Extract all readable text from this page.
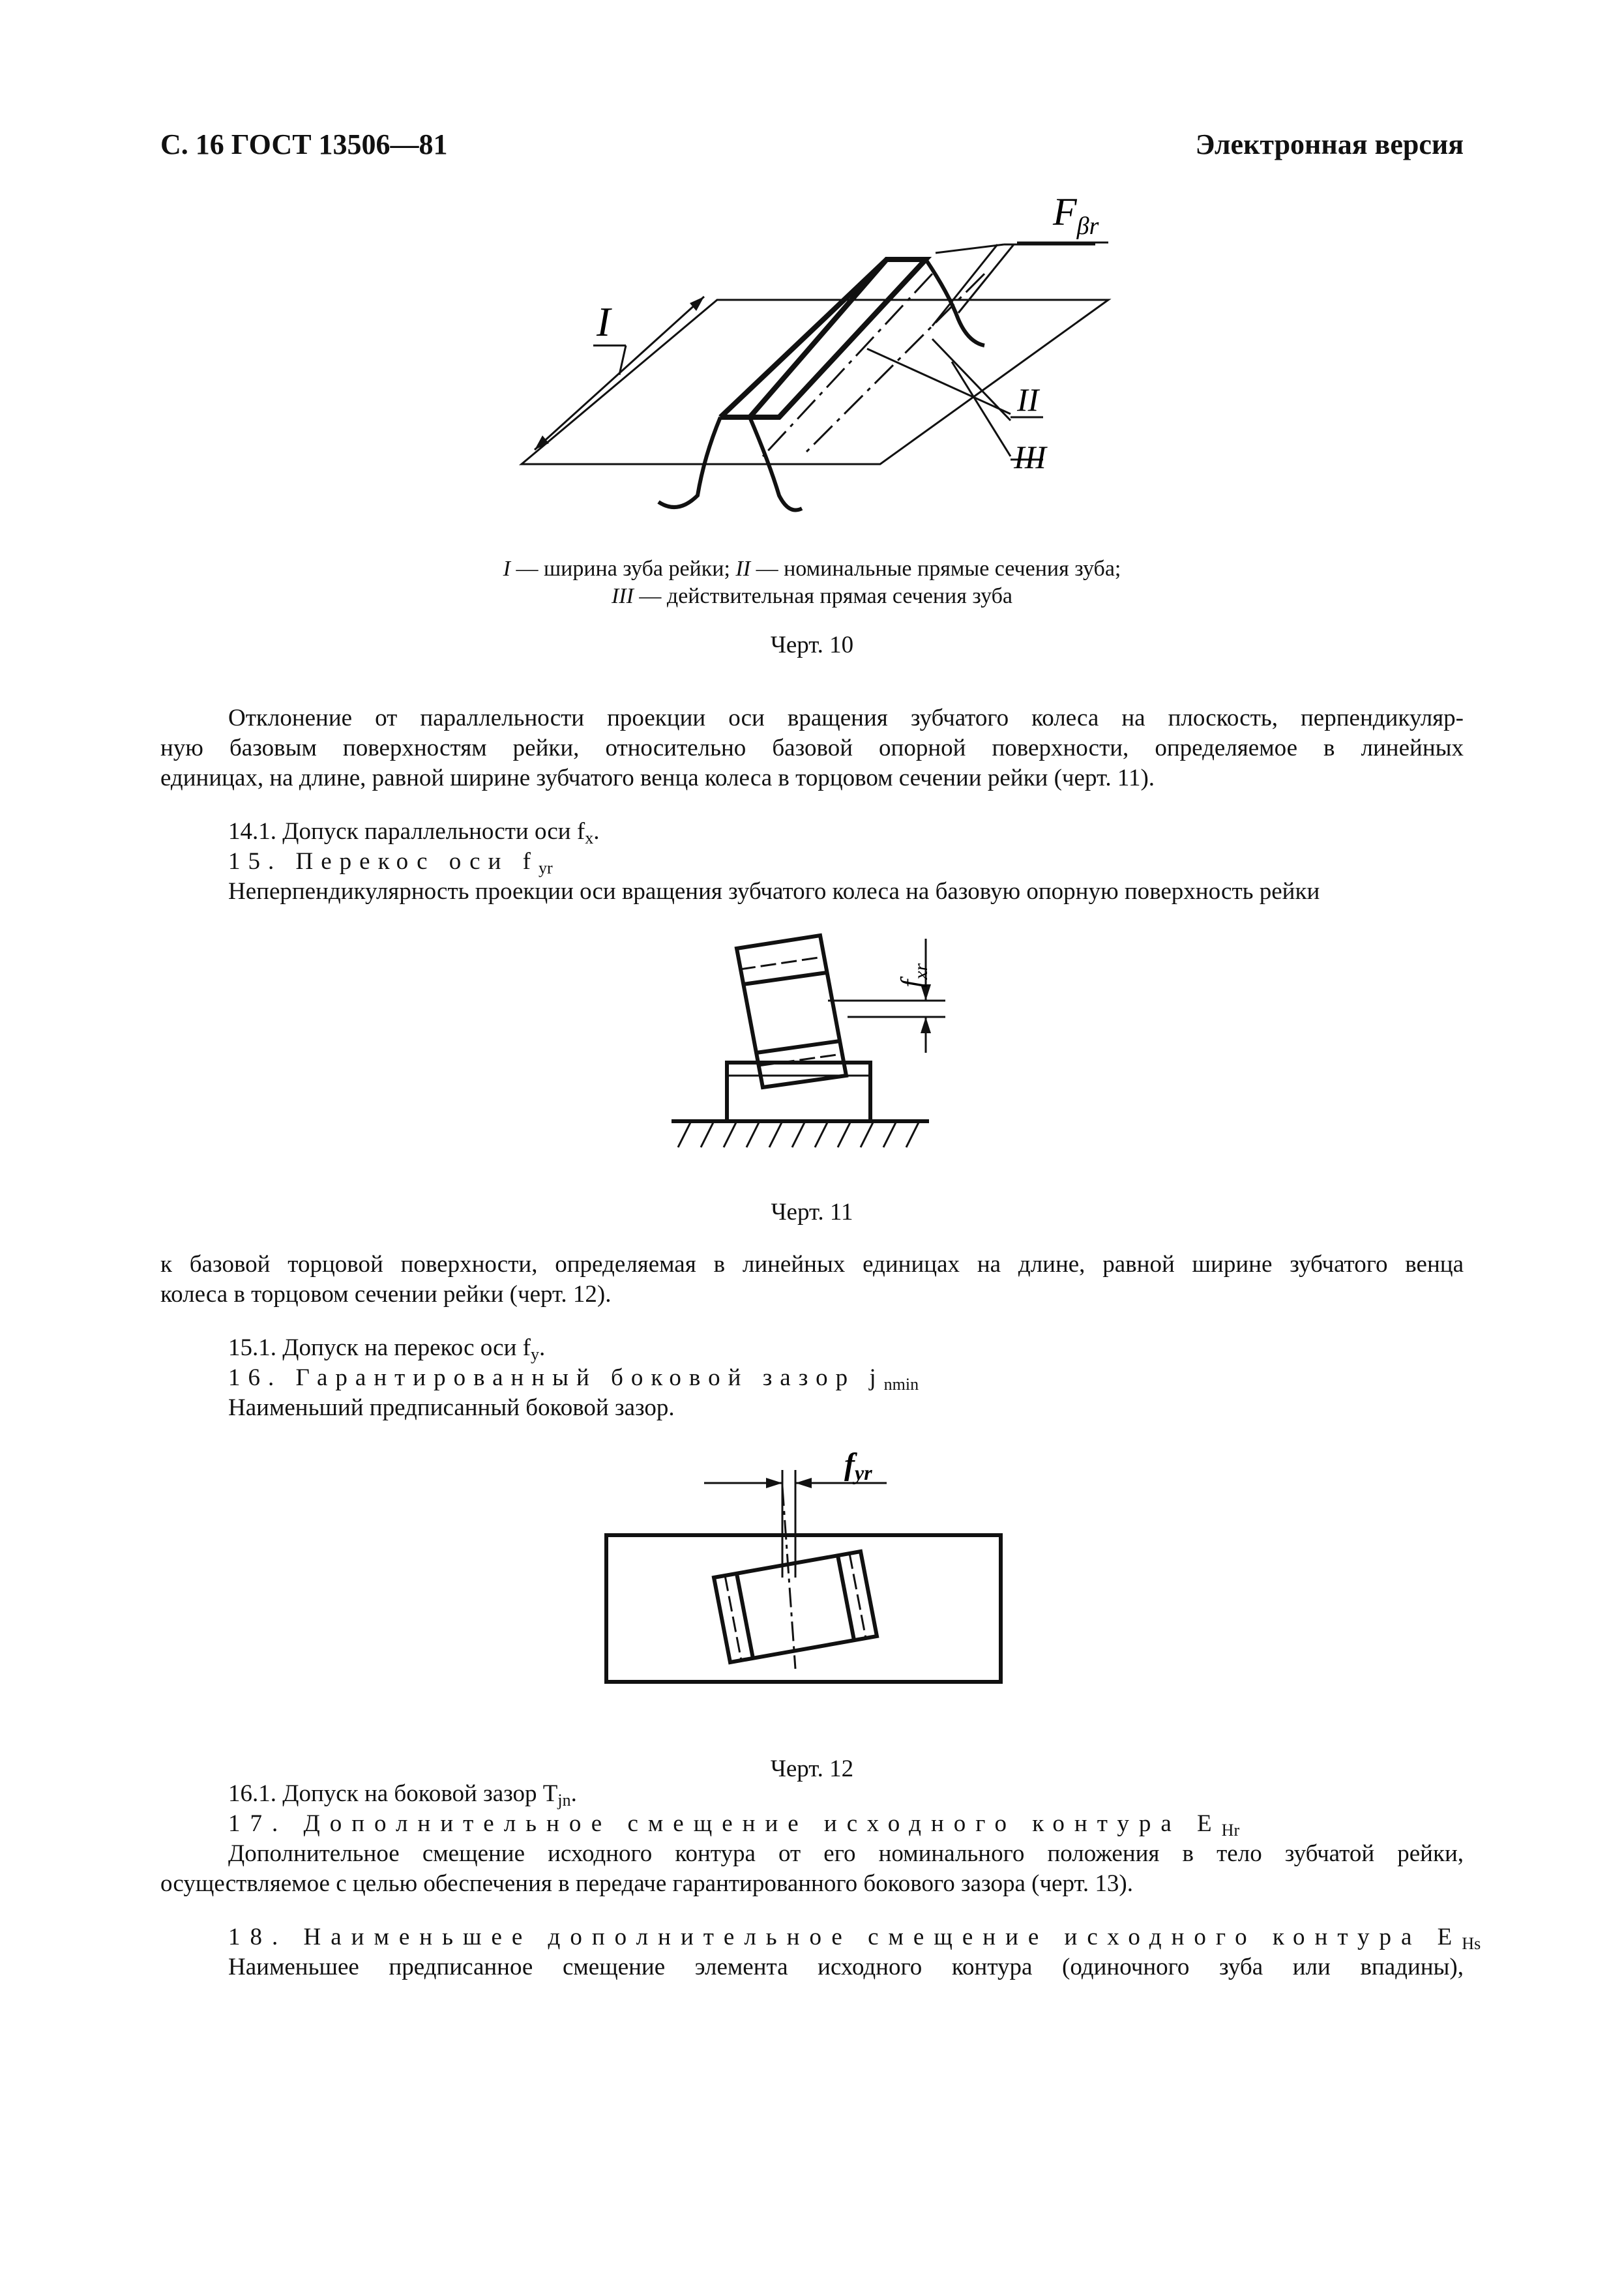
С. 16 ГОСТ 13506—81	Электронная версия
I
II
III
$F_{\beta r}$
I — ширина зуба рейки; II — номинальные прямые сечения зуба;
III — действительная прямая сечения зуба
Черт. 10
Отклонение от параллельности проекции оси вращения зубчатого колеса на плоскость, перпендикуляр-
ную базовым поверхностям рейки, относительно базовой опорной поверхности, определяемое в линейных
единицах, на длине, равной ширине зубчатого венца колеса в торцовом сечении рейки (черт. 11).
14.1. Допуск параллельности оси $f_x$.
15. Перекос оси $f_{yr}$
Неперпендикулярность проекции оси вращения зубчатого колеса на базовую опорную поверхность рейки
$f_{xr}$
Черт. 11
к базовой торцовой поверхности, определяемая в линейных единицах на длине, равной ширине зубчатого венца
колеса в торцовом сечении рейки (черт. 12).
15.1. Допуск на перекос оси $f_y$.
16. Гарантированный боковой зазор $j_{nmin}$
Наименьший предписанный боковой зазор.
fyr
Черт. 12
16.1. Допуск на боковой зазор $T_{jn}$.
17. Дополнительное смещение исходного контура $E_{Hr}$
Дополнительное смещение исходного контура от его номинального положения в тело зубчатой рейки,
осуществляемое с целью обеспечения в передаче гарантированного бокового зазора (черт. 13).
18. Наименьшее дополнительное смещение исходного контура $E_{Hs}$
Наименьшее предписанное смещение элемента исходного контура (одиночного зуба или впадины),
